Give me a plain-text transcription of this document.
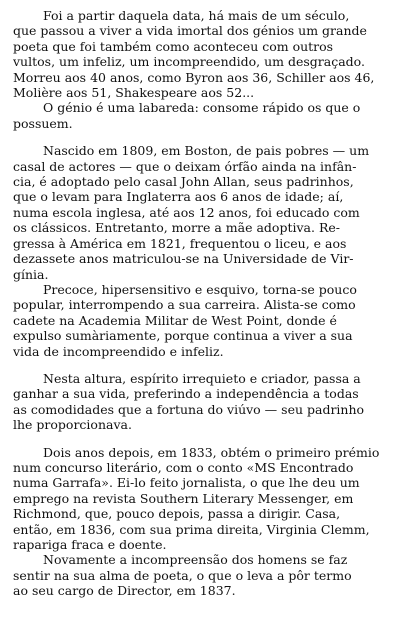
Foi a partir daquela data, há mais de um século,
que passou a viver a vida imortal dos génios um grande
poeta que foi também como aconteceu com outros
vultos, um infeliz, um incompreendido, um desgraçado.
Morreu aos 40 anos, como Byron aos 36, Schiller aos 46,
Molière aos 51, Shakespeare aos 52...

O génio é uma labareda: consome rápido os que o
possuem.

Nascido em 1809, em Boston, de pais pobres — um
casal de actores — que o deixam órfão ainda na infân-
cia, é adoptado pelo casal John Allan, seus padrinhos,
que o levam para Inglaterra aos 6 anos de idade; aí,
numa escola inglesa, até aos 12 anos, foi educado com
os clássicos. Entretanto, morre a mãe adoptiva. Re-
gressa à América em 1821, frequentou o liceu, e aos
dezassete anos matriculou-se na Universidade de Vir-
gínia.

Precoce, hipersensitivo e esquivo, torna-se pouco
popular, interrompendo a sua carreira. Alista-se como
cadete na Academia Militar de West Point, donde é
expulso sumàriamente, porque continua a viver a sua
vida de incompreendido e infeliz.

Nesta altura, espírito irrequieto e criador, passa a
ganhar a sua vida, preferindo a independência a todas
as comodidades que a fortuna do viúvo — seu padrinho
lhe proporcionava.

Dois anos depois, em 1833, obtém o primeiro prémio
num concurso literário, com o conto «MS Encontrado
numa Garrafa». Ei-lo feito jornalista, o que lhe deu um
emprego na revista Southern Literary Messenger, em
Richmond, que, pouco depois, passa a dirigir. Casa,
então, em 1836, com sua prima direita, Virginia Clemm,
rapariga fraca e doente.

Novamente a incompreensão dos homens se faz
sentir na sua alma de poeta, o que o leva a pôr termo
ao seu cargo de Director, em 1837.
